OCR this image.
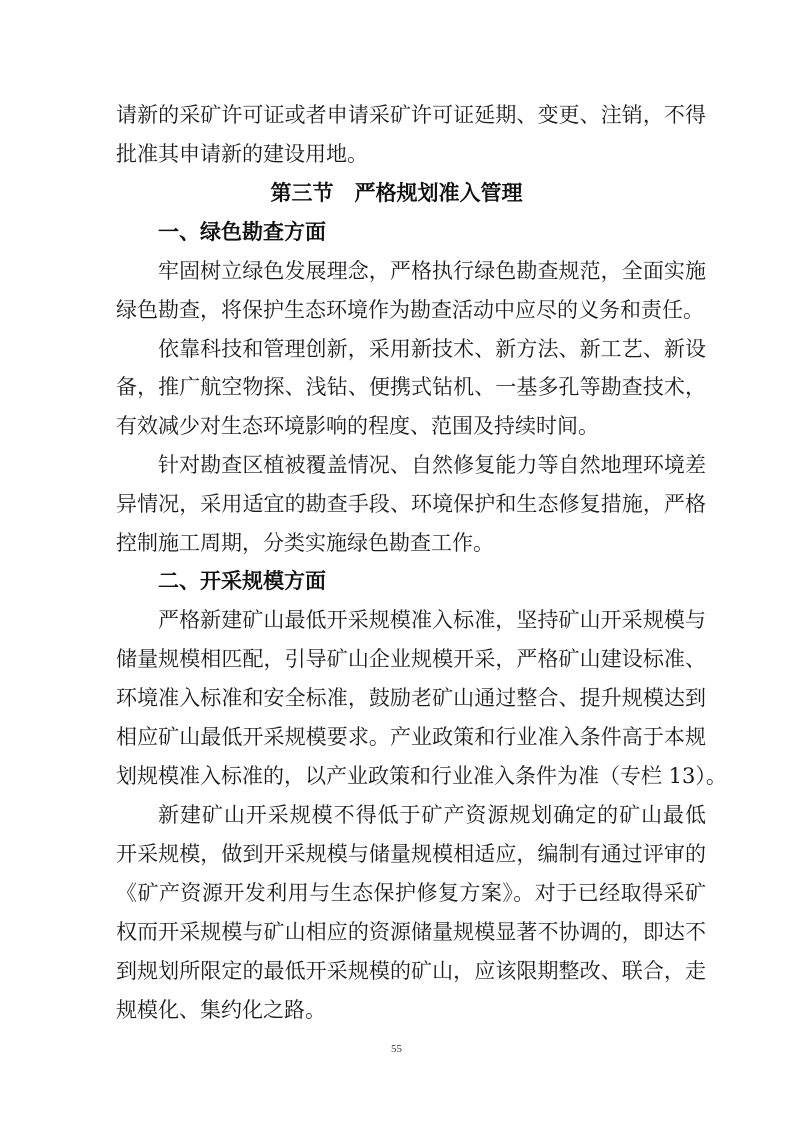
请新的采矿许可证或者申请采矿许可证延期、变更、注销，不得

批准其申请新的建设用地。

第三节　严格规划准入管理
一、绿色勘查方面

牢固树立绿色发展理念，严格执行绿色勘查规范，全面实施

绿色勘查，将保护生态环境作为勘查活动中应尽的义务和责任。

依靠科技和管理创新，采用新技术、新方法、新工艺、新设

备，推广航空物探、浅钻、便携式钻机、一基多孔等勘查技术，

有效减少对生态环境影响的程度、范围及持续时间。

针对勘查区植被覆盖情况、自然修复能力等自然地理环境差

异情况，采用适宜的勘查手段、环境保护和生态修复措施，严格

控制施工周期，分类实施绿色勘查工作。

二、开采规模方面

严格新建矿山最低开采规模准入标准，坚持矿山开采规模与

储量规模相匹配，引导矿山企业规模开采，严格矿山建设标准、

环境准入标准和安全标准，鼓励老矿山通过整合、提升规模达到

相应矿山最低开采规模要求。产业政策和行业准入条件高于本规

划规模准入标准的，以产业政策和行业准入条件为准（专栏 13）。

新建矿山开采规模不得低于矿产资源规划确定的矿山最低

开采规模，做到开采规模与储量规模相适应，编制有通过评审的

《矿产资源开发利用与生态保护修复方案》。对于已经取得采矿

权而开采规模与矿山相应的资源储量规模显著不协调的，即达不

到规划所限定的最低开采规模的矿山，应该限期整改、联合，走

规模化、集约化之路。

55
